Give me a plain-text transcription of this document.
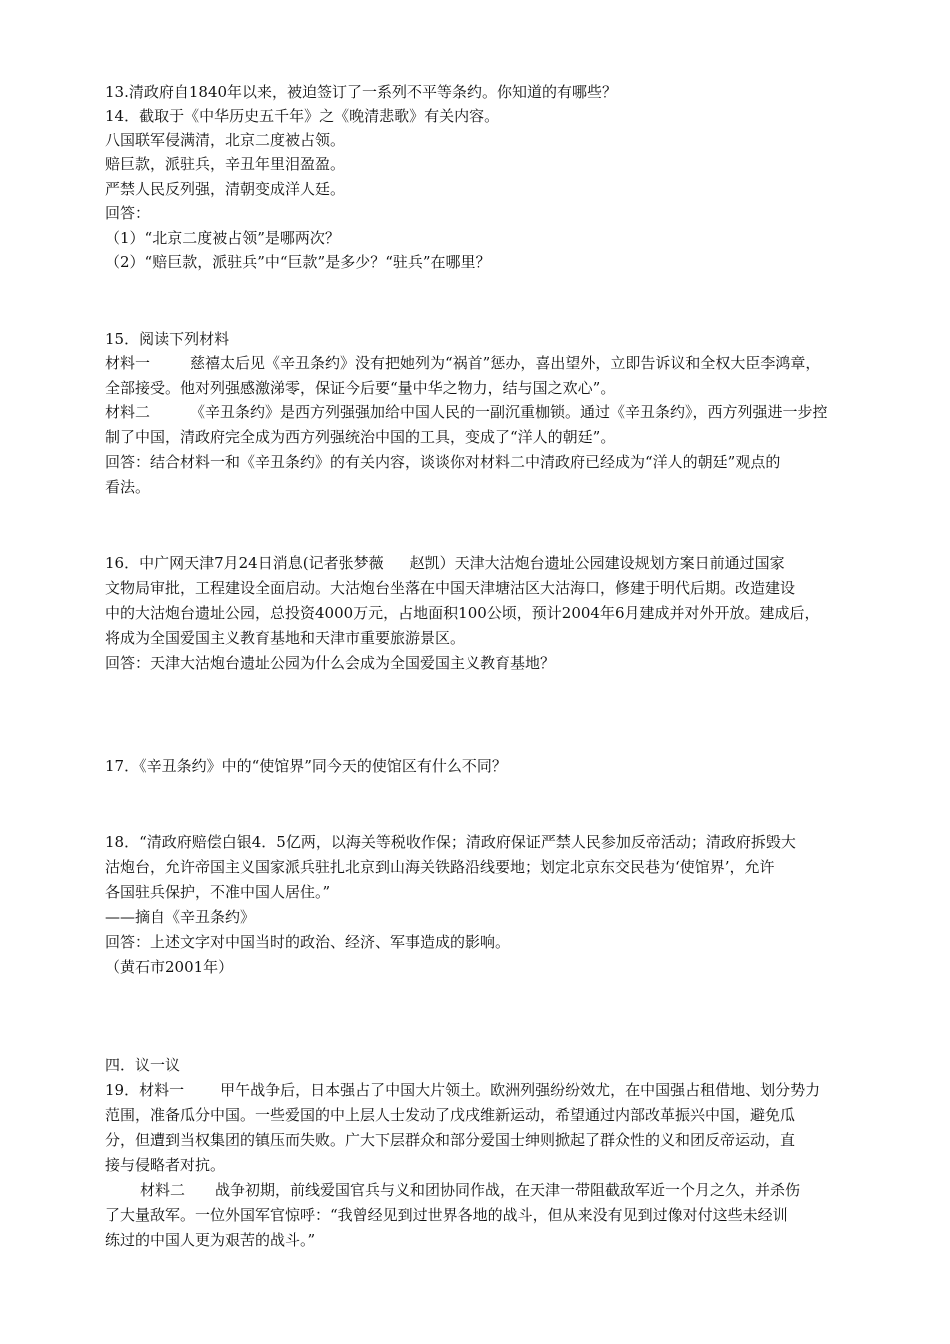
13.清政府自1840年以来，被迫签订了一系列不平等条约。你知道的有哪些？
14．截取于《中华历史五千年》之《晚清悲歌》有关内容。
八国联军侵满清，北京二度被占领。
赔巨款，派驻兵，辛丑年里泪盈盈。
严禁人民反列强，清朝变成洋人廷。
回答：
（1）“北京二度被占领”是哪两次？
（2）“赔巨款，派驻兵”中“巨款”是多少？“驻兵”在哪里？
15．阅读下列材料
材料一	慈禧太后见《辛丑条约》没有把她列为“祸首”惩办，喜出望外，立即告诉议和全权大臣李鸿章，
全部接受。他对列强感激涕零，保证今后要“量中华之物力，结与国之欢心”。
材料二	《辛丑条约》是西方列强强加给中国人民的一副沉重枷锁。通过《辛丑条约》，西方列强进一步控
制了中国，清政府完全成为西方列强统治中国的工具，变成了“洋人的朝廷”。
回答：结合材料一和《辛丑条约》的有关内容，谈谈你对材料二中清政府已经成为“洋人的朝廷”观点的
看法。
16．中广网天津7月24日消息(记者张梦薇 赵凯）天津大沽炮台遗址公园建设规划方案日前通过国家
文物局审批，工程建设全面启动。大沽炮台坐落在中国天津塘沽区大沽海口，修建于明代后期。改造建设
中的大沽炮台遗址公园，总投资4000万元，占地面积100公顷，预计2004年6月建成并对外开放。建成后，
将成为全国爱国主义教育基地和天津市重要旅游景区。
回答：天津大沽炮台遗址公园为什么会成为全国爱国主义教育基地？
17．《辛丑条约》中的“使馆界”同今天的使馆区有什么不同？
18．“清政府赔偿白银4．5亿两，以海关等税收作保；清政府保证严禁人民参加反帝活动；清政府拆毁大
沽炮台，允许帝国主义国家派兵驻扎北京到山海关铁路沿线要地；划定北京东交民巷为‘使馆界’，允许
各国驻兵保护，不准中国人居住。”
——摘自《辛丑条约》
回答：上述文字对中国当时的政治、经济、军事造成的影响。
（黄石市2001年）
四．议一议
19．材料一 甲午战争后，日本强占了中国大片领土。欧洲列强纷纷效尤，在中国强占租借地、划分势力
范围，准备瓜分中国。一些爱国的中上层人士发动了戊戌维新运动，希望通过内部改革振兴中国，避免瓜
分，但遭到当权集团的镇压而失败。广大下层群众和部分爱国士绅则掀起了群众性的义和团反帝运动，直
接与侵略者对抗。
材料二 战争初期，前线爱国官兵与义和团协同作战，在天津一带阻截敌军近一个月之久，并杀伤
了大量敌军。一位外国军官惊呼：“我曾经见到过世界各地的战斗，但从来没有见到过像对付这些未经训
练过的中国人更为艰苦的战斗。”
